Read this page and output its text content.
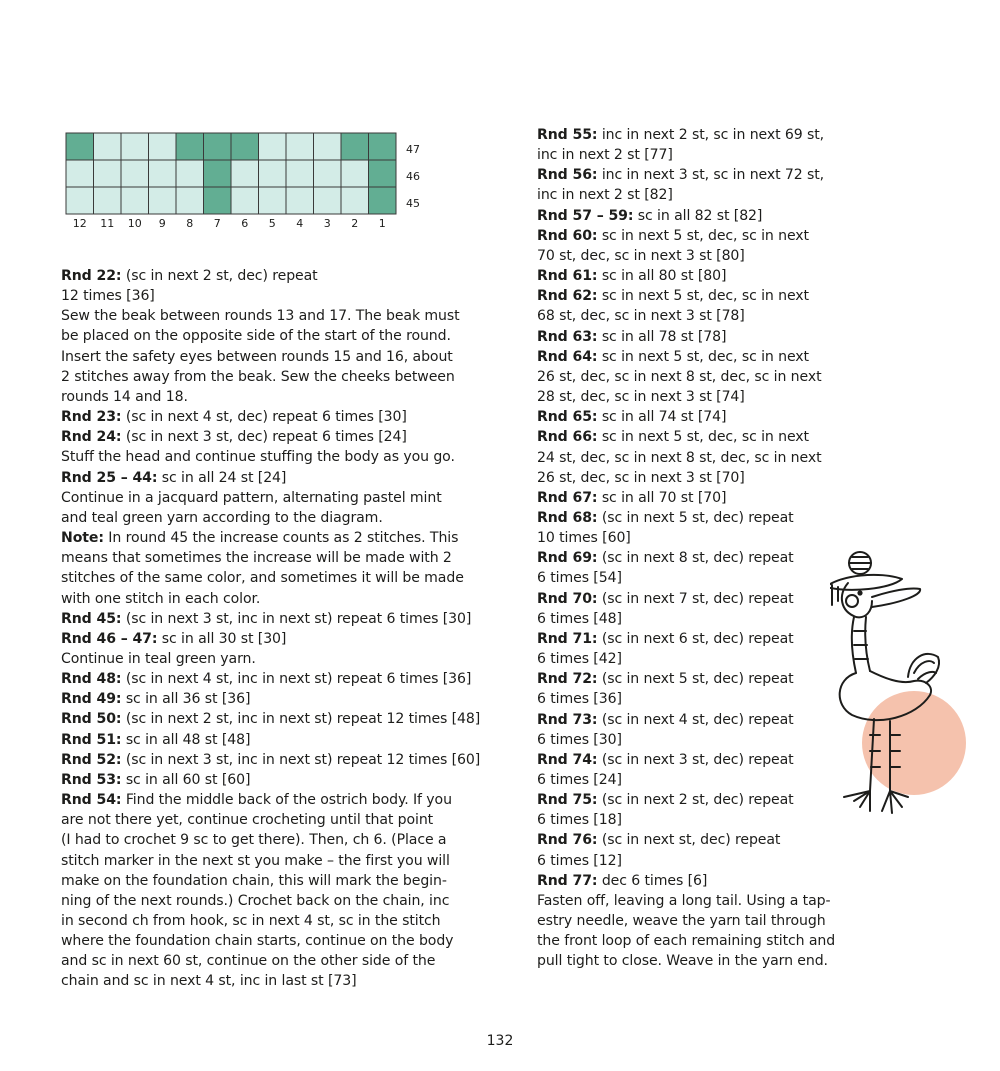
47
46
45
12 11 10 9 8 7 6 5 4 3 2 1

Rnd 22: (sc in next 2 st, dec) repeat

12 times [36]

Sew the beak between rounds 13 and 17. The beak must

be placed on the opposite side of the start of the round.

Insert the safety eyes between rounds 15 and 16, about

2 stitches away from the beak. Sew the cheeks between

rounds 14 and 18.

Rnd 23: (sc in next 4 st, dec) repeat 6 times [30]

Rnd 24: (sc in next 3 st, dec) repeat 6 times [24]

Stuff the head and continue stuffing the body as you go.

Rnd 25 – 44: sc in all 24 st [24]

Continue in a jacquard pattern, alternating pastel mint

and teal green yarn according to the diagram.

Note: In round 45 the increase counts as 2 stitches. This

means that sometimes the increase will be made with 2

stitches of the same color, and sometimes it will be made

with one stitch in each color.

Rnd 45: (sc in next 3 st, inc in next st) repeat 6 times [30]

Rnd 46 – 47: sc in all 30 st [30]

Continue in teal green yarn.

Rnd 48: (sc in next 4 st, inc in next st) repeat 6 times [36]

Rnd 49: sc in all 36 st [36]

Rnd 50: (sc in next 2 st, inc in next st) repeat 12 times [48]

Rnd 51: sc in all 48 st [48]

Rnd 52: (sc in next 3 st, inc in next st) repeat 12 times [60]

Rnd 53: sc in all 60 st [60]

Rnd 54: Find the middle back of the ostrich body. If you

are not there yet, continue crocheting until that point

(I had to crochet 9 sc to get there). Then, ch 6. (Place a

stitch marker in the next st you make – the first you will

make on the foundation chain, this will mark the begin-

ning of the next rounds.) Crochet back on the chain, inc

in second ch from hook, sc in next 4 st, sc in the stitch

where the foundation chain starts, continue on the body

and sc in next 60 st, continue on the other side of the

chain and sc in next 4 st, inc in last st [73]

Rnd 55: inc in next 2 st, sc in next 69 st,

inc in next 2 st [77]

Rnd 56: inc in next 3 st, sc in next 72 st,

inc in next 2 st [82]

Rnd 57 – 59: sc in all 82 st [82]

Rnd 60: sc in next 5 st, dec, sc in next

70 st, dec, sc in next 3 st [80]

Rnd 61: sc in all 80 st [80]

Rnd 62: sc in next 5 st, dec, sc in next

68 st, dec, sc in next 3 st [78]

Rnd 63: sc in all 78 st [78]

Rnd 64: sc in next 5 st, dec, sc in next

26 st, dec, sc in next 8 st, dec, sc in next

28 st, dec, sc in next 3 st [74]

Rnd 65: sc in all 74 st [74]

Rnd 66: sc in next 5 st, dec, sc in next

24 st, dec, sc in next 8 st, dec, sc in next

26 st, dec, sc in next 3 st [70]

Rnd 67: sc in all 70 st [70]

Rnd 68: (sc in next 5 st, dec) repeat

10 times [60]

Rnd 69: (sc in next 8 st, dec) repeat

6 times [54]

Rnd 70: (sc in next 7 st, dec) repeat

6 times [48]

Rnd 71: (sc in next 6 st, dec) repeat

6 times [42]

Rnd 72: (sc in next 5 st, dec) repeat

6 times [36]

Rnd 73: (sc in next 4 st, dec) repeat

6 times [30]

Rnd 74: (sc in next 3 st, dec) repeat

6 times [24]

Rnd 75: (sc in next 2 st, dec) repeat

6 times [18]

Rnd 76: (sc in next st, dec) repeat

6 times [12]

Rnd 77: dec 6 times [6]

Fasten off, leaving a long tail. Using a tap-

estry needle, weave the yarn tail through

the front loop of each remaining stitch and

pull tight to close. Weave in the yarn end.

132
